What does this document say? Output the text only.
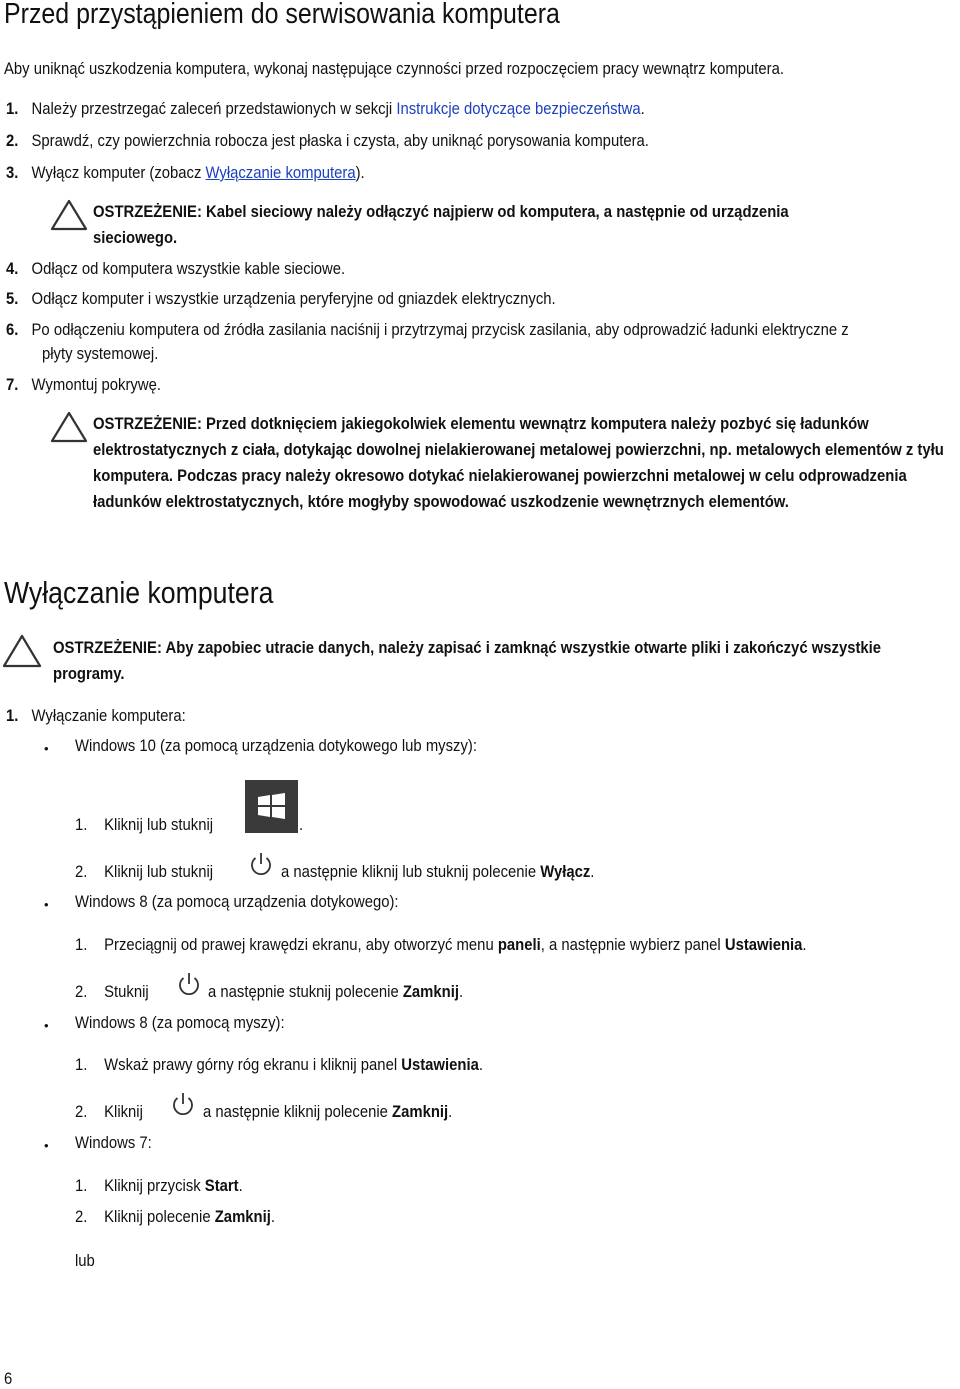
Przed przystąpieniem do serwisowania komputera
Aby uniknąć uszkodzenia komputera, wykonaj następujące czynności przed rozpoczęciem pracy wewnątrz komputera.
1. Należy przestrzegać zaleceń przedstawionych w sekcji Instrukcje dotyczące bezpieczeństwa.
2. Sprawdź, czy powierzchnia robocza jest płaska i czysta, aby uniknąć porysowania komputera.
3. Wyłącz komputer (zobacz Wyłączanie komputera).
OSTRZEŻENIE: Kabel sieciowy należy odłączyć najpierw od komputera, a następnie od urządzenia sieciowego.
4. Odłącz od komputera wszystkie kable sieciowe.
5. Odłącz komputer i wszystkie urządzenia peryferyjne od gniazdek elektrycznych.
6. Po odłączeniu komputera od źródła zasilania naciśnij i przytrzymaj przycisk zasilania, aby odprowadzić ładunki elektryczne z
płyty systemowej.
7. Wymontuj pokrywę.
OSTRZEŻENIE: Przed dotknięciem jakiegokolwiek elementu wewnątrz komputera należy pozbyć się ładunków elektrostatycznych z ciała, dotykając dowolnej nielakierowanej metalowej powierzchni, np. metalowych elementów z tyłu komputera. Podczas pracy należy okresowo dotykać nielakierowanej powierzchni metalowej w celu odprowadzenia ładunków elektrostatycznych, które mogłyby spowodować uszkodzenie wewnętrznych elementów.
Wyłączanie komputera
OSTRZEŻENIE: Aby zapobiec utracie danych, należy zapisać i zamknąć wszystkie otwarte pliki i zakończyć wszystkie programy.
1. Wyłączanie komputera:
• Windows 10 (za pomocą urządzenia dotykowego lub myszy):
1. Kliknij lub stuknij	.
2. Kliknij lub stuknij	a następnie kliknij lub stuknij polecenie Wyłącz.
• Windows 8 (za pomocą urządzenia dotykowego):
1. Przeciągnij od prawej krawędzi ekranu, aby otworzyć menu paneli, a następnie wybierz panel Ustawienia.
2. Stuknij	a następnie stuknij polecenie Zamknij.
• Windows 8 (za pomocą myszy):
1. Wskaż prawy górny róg ekranu i kliknij panel Ustawienia.
2. Kliknij	a następnie kliknij polecenie Zamknij.
• Windows 7:
1. Kliknij przycisk Start.
2. Kliknij polecenie Zamknij.
lub
6
